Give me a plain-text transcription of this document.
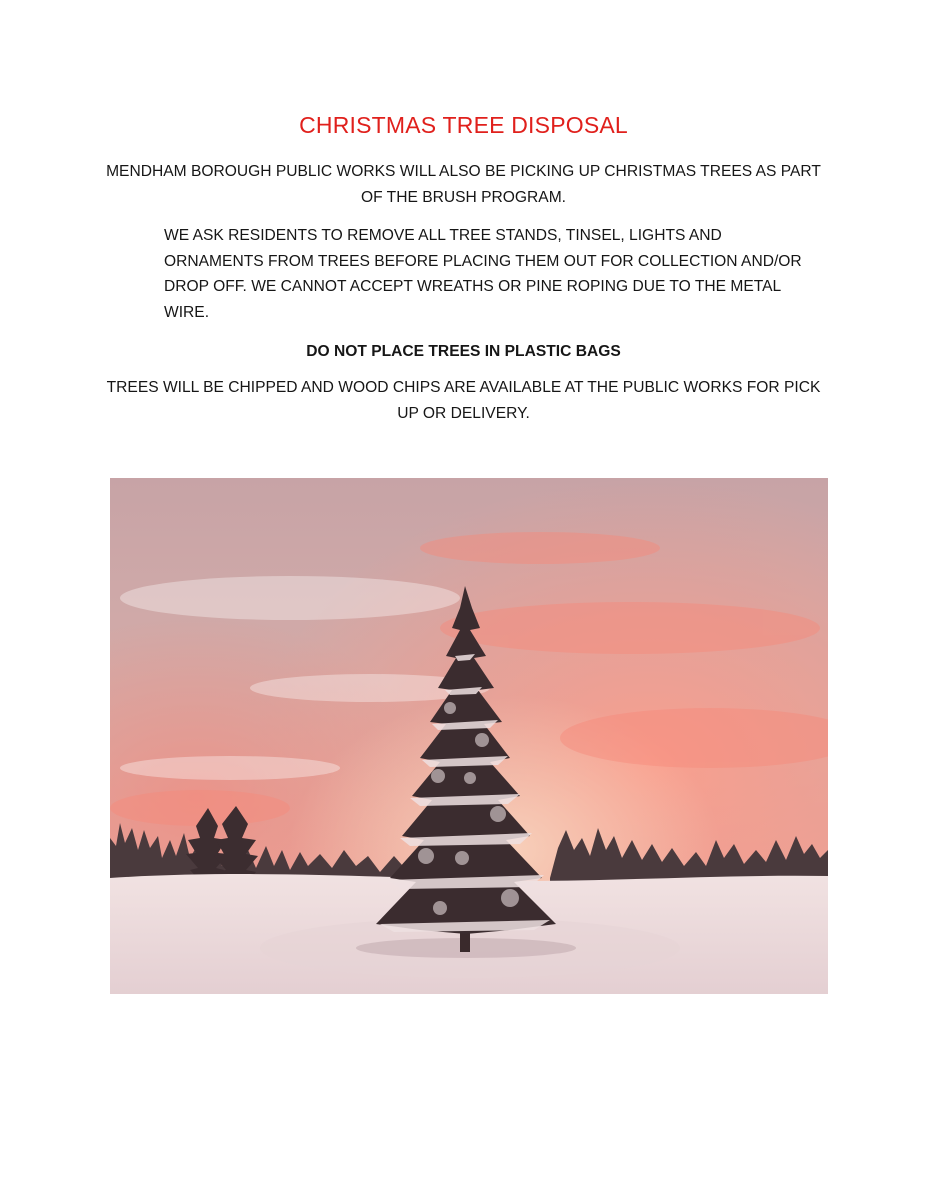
CHRISTMAS TREE DISPOSAL
MENDHAM BOROUGH PUBLIC WORKS WILL ALSO BE PICKING UP CHRISTMAS TREES AS PART OF THE BRUSH PROGRAM.
WE ASK RESIDENTS TO REMOVE ALL TREE STANDS, TINSEL, LIGHTS AND ORNAMENTS FROM TREES BEFORE PLACING THEM OUT FOR COLLECTION AND/OR DROP OFF. WE CANNOT ACCEPT WREATHS OR PINE ROPING DUE TO THE METAL WIRE.
DO NOT PLACE TREES IN PLASTIC BAGS
TREES WILL BE CHIPPED AND WOOD CHIPS ARE AVAILABLE AT THE PUBLIC WORKS FOR PICK UP OR DELIVERY.
